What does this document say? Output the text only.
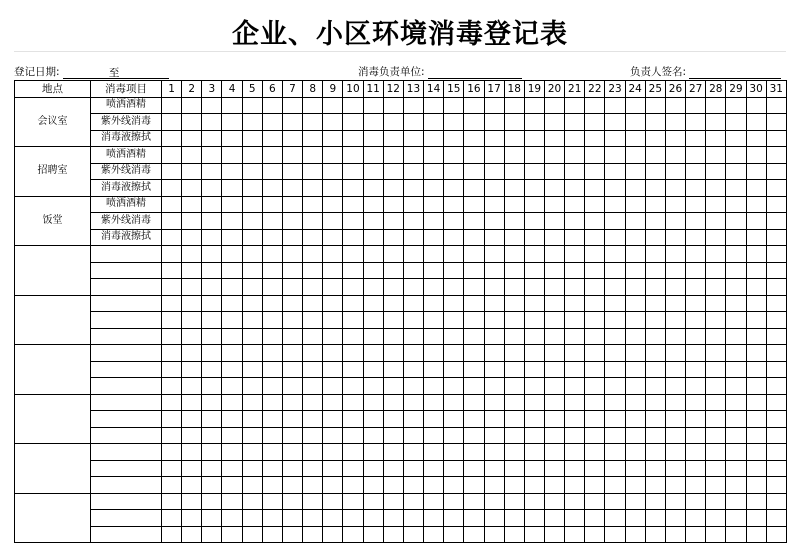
企业、小区环境消毒登记表
登记日期:	至	消毒负责单位:	负责人签名:
地点	消毒项目	1	2	3	4	5	6	7	8	9	10	11	12	13	14	15	16	17	18	19	20	21	22	23	24	25	26	27	28	29	30	31
会议室	喷洒酒精																															
	紫外线消毒																															
	消毒液擦拭																															
招聘室	喷洒酒精																															
	紫外线消毒																															
	消毒液擦拭																															
饭堂	喷洒酒精																															
	紫外线消毒																															
	消毒液擦拭																															
